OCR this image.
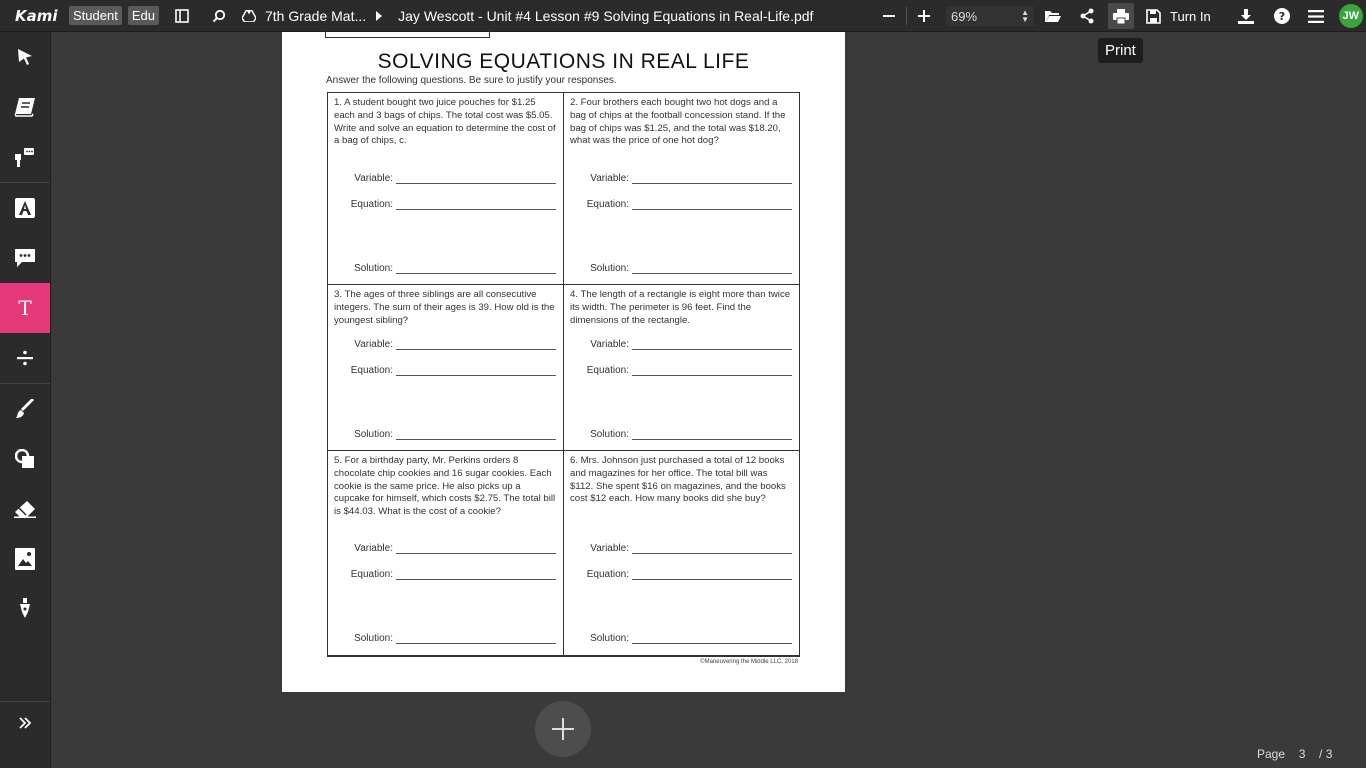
Kami	Student	Edu	7th Grade Mat... Jay Wescott - Unit #4 Lesson #9 Solving Equations in Real-Life.pdf	69%	▲
▼	Turn In	?	JW
T
Print
SOLVING EQUATIONS IN REAL LIFE
Answer the following questions. Be sure to justify your responses.
1. A student bought two juice pouches for $1.25 each and 3 bags of chips. The total cost was $5.05. Write and solve an equation to determine the cost of a bag of chips, c.
Variable:
Equation:
Solution:
2. Four brothers each bought two hot dogs and a bag of chips at the football concession stand. If the bag of chips was $1.25, and the total was $18.20, what was the price of one hot dog?
Variable:
Equation:
Solution:
3. The ages of three siblings are all consecutive integers. The sum of their ages is 39. How old is the youngest sibling?
Variable:
Equation:
Solution:
4. The length of a rectangle is eight more than twice its width. The perimeter is 96 feet. Find the dimensions of the rectangle.
Variable:
Equation:
Solution:
5. For a birthday party, Mr. Perkins orders 8 chocolate chip cookies and 16 sugar cookies. Each cookie is the same price. He also picks up a cupcake for himself, which costs $2.75. The total bill is $44.03. What is the cost of a cookie?
Variable:
Equation:
Solution:
6. Mrs. Johnson just purchased a total of 12 books and magazines for her office. The total bill was $112. She spent $16 on magazines, and the books cost $12 each. How many books did she buy?
Variable:
Equation:
Solution:
©Maneuvering the Middle LLC, 2018
Page	3	/ 3
